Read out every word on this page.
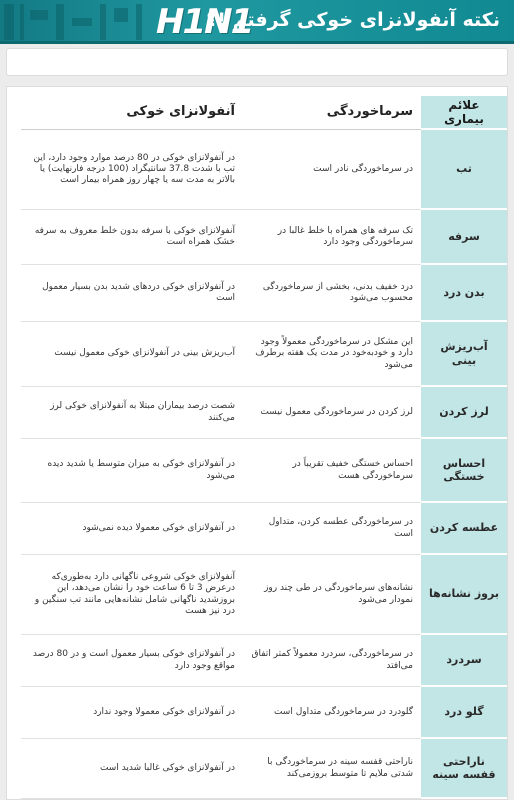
H1N1
نکته آنفولانزای خوکی گرفتم !؟
علائم بیماری
سرماخوردگی
آنفولانزای خوکی
تب
در سرماخوردگی نادر است
در آنفولانزای خوکی در 80 درصد موارد وجود دارد، این تب با شدت 37.8 سانتیگراد (100 درجه فارنهایت) یا بالاتر به مدت سه یا چهار روز همراه بیمار است
سرفه
تک سرفه های همراه با خلط غالبا در سرماخوردگی وجود دارد
آنفولانزای خوکی با سرفه بدون خلط معروف به سرفه خشک همراه است
بدن درد
درد خفیف بدنی، بخشی از سرماخوردگی محسوب می‌شود
در آنفولانزای خوکی دردهای شدید بدن بسیار معمول است
آب‌ریزش بینی
این مشکل در سرماخوردگی معمولاً وجود دارد و خودبه‌خود در مدت یک هفته برطرف می‌شود
آب‌ریزش بینی در آنفولانزای خوکی معمول نیست
لرز کردن
لرز کردن در سرماخوردگی معمول نیست
شصت درصد بیماران مبتلا به آنفولانزای خوکی لرز می‌کنند
احساس خستگی
احساس خستگی خفیف تقریباً در سرماخوردگی هست
در آنفولانزای خوکی به میزان متوسط یا شدید دیده می‌شود
عطسه کردن
در سرماخوردگی عطسه کردن، متداول است
در آنفولانزای خوکی معمولا دیده نمی‌شود
بروز نشانه‌ها
نشانه‌های سرماخوردگی در طی چند روز نمودار می‌شود
آنفولانزای خوکی شروعی ناگهانی دارد به‌طوری‌که درعرض 3 تا 6 ساعت خود را نشان می‌دهد، این بروزشدید ناگهانی شامل نشانه‌هایی مانند تب سنگین و درد نیز هست
سردرد
در سرماخوردگی، سردرد معمولاً کمتر اتفاق می‌افتد
در آنفولانزای خوکی بسیار معمول است و در 80 درصد مواقع وجود دارد
گلو درد
گلودرد در سرماخوردگی متداول است
در آنفولانزای خوکی معمولا وجود ندارد
ناراحتی قفسه سینه
ناراحتی قفسه سینه در سرماخوردگی با شدتی ملایم تا متوسط بروزمی‌کند
در آنفولانزای خوکی غالبا شدید است
